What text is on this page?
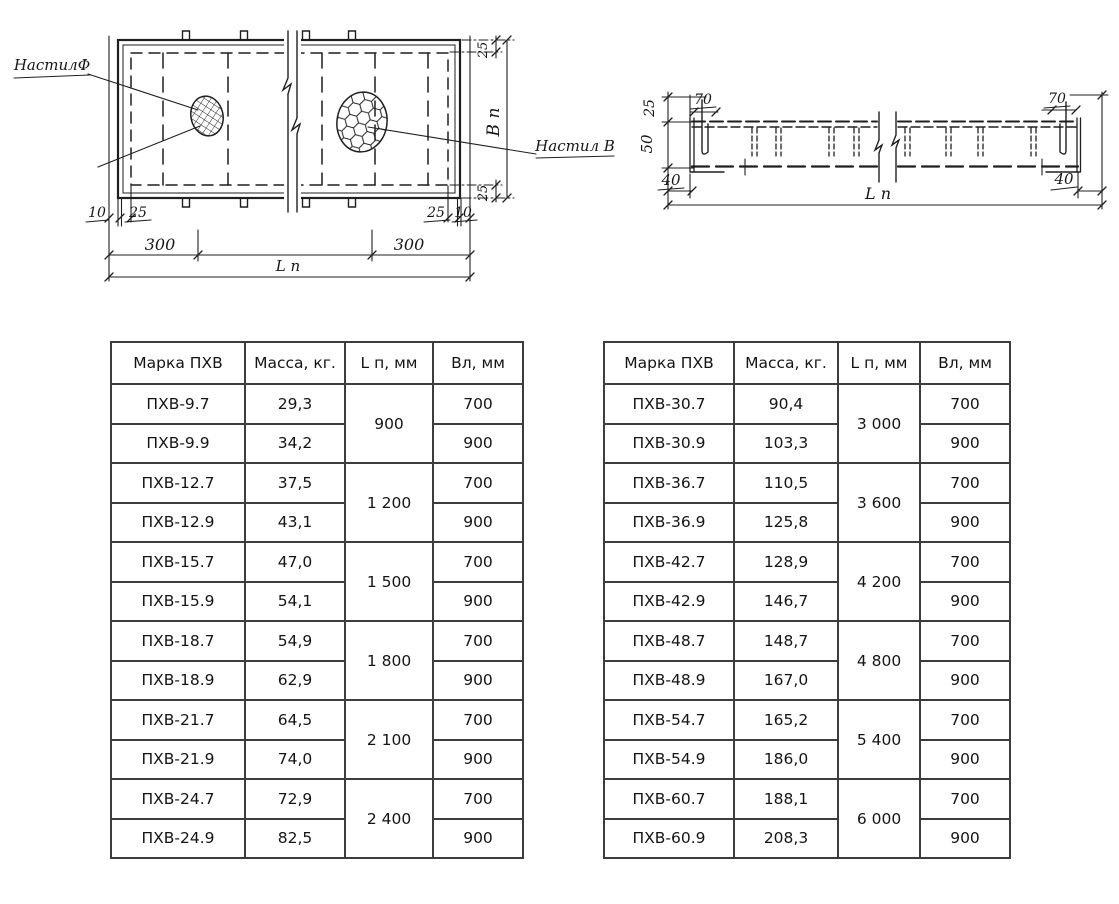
НастилФ
Настил В
10 25	25 10
300	300
L п
25
25
В п
70	70
25
50
40	40
L п
Марка ПХВ	Масса, кг.	L п, мм	Вл, мм
ПХВ-9.7	29,3	900	700
ПХВ-9.9	34,2		900
ПХВ-12.7	37,5	1 200	700
ПХВ-12.9	43,1		900
ПХВ-15.7	47,0	1 500	700
ПХВ-15.9	54,1		900
ПХВ-18.7	54,9	1 800	700
ПХВ-18.9	62,9		900
ПХВ-21.7	64,5	2 100	700
ПХВ-21.9	74,0		900
ПХВ-24.7	72,9	2 400	700
ПХВ-24.9	82,5		900
Марка ПХВ	Масса, кг.	L п, мм	Вл, мм
ПХВ-30.7	90,4	3 000	700
ПХВ-30.9	103,3		900
ПХВ-36.7	110,5	3 600	700
ПХВ-36.9	125,8		900
ПХВ-42.7	128,9	4 200	700
ПХВ-42.9	146,7		900
ПХВ-48.7	148,7	4 800	700
ПХВ-48.9	167,0		900
ПХВ-54.7	165,2	5 400	700
ПХВ-54.9	186,0		900
ПХВ-60.7	188,1	6 000	700
ПХВ-60.9	208,3		900
